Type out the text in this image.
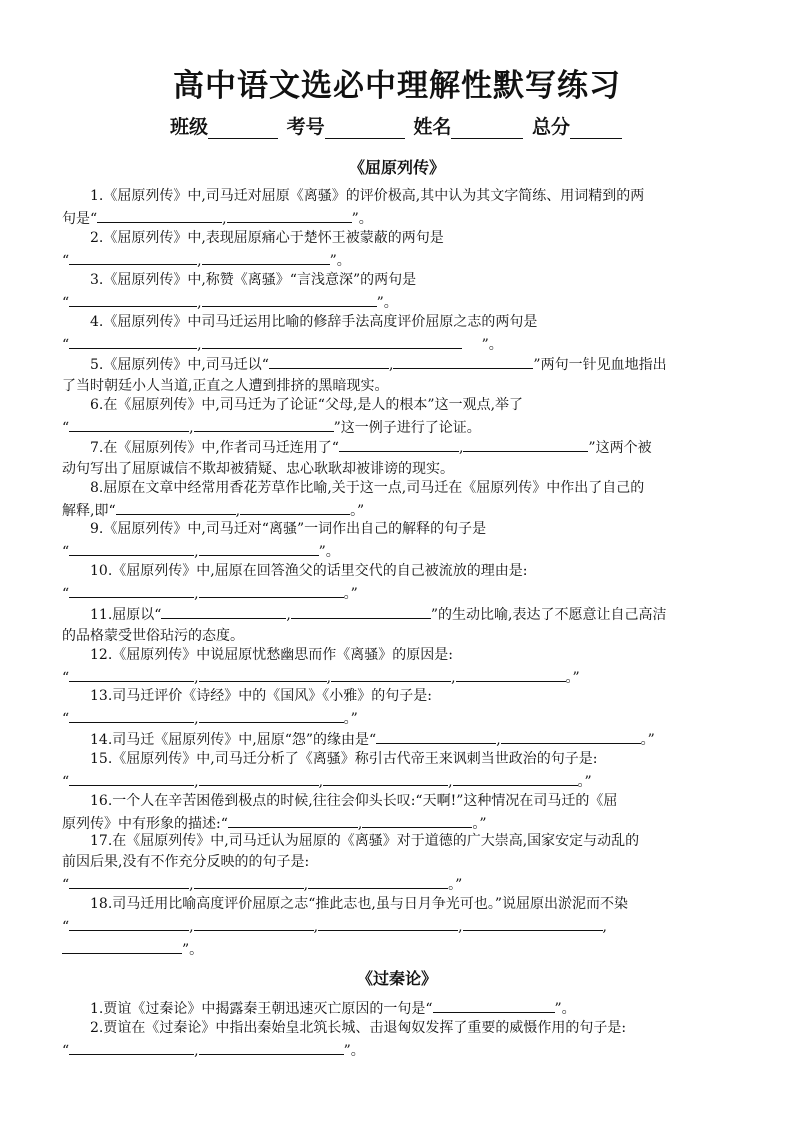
高中语文选必中理解性默写练习
班级	考号	姓名	总分
《屈原列传》

1.《屈原列传》中,司马迁对屈原《离骚》的评价极高,其中认为其文字简练、用词精到的两

句是“	,	”。

2.《屈原列传》中,表现屈原痛心于楚怀王被蒙蔽的两句是

“	,	”。

3.《屈原列传》中,称赞《离骚》“言浅意深”的两句是

“	,	”。

4.《屈原列传》中司马迁运用比喻的修辞手法高度评价屈原之志的两句是

“	,	”。

5.《屈原列传》中,司马迁以“	,	”两句一针见血地指出

了当时朝廷小人当道,正直之人遭到排挤的黑暗现实。

6.在《屈原列传》中,司马迁为了论证“父母,是人的根本”这一观点,举了

“	,	”这一例子进行了论证。

7.在《屈原列传》中,作者司马迁连用了“	,	”这两个被

动句写出了屈原诚信不欺却被猜疑、忠心耿耿却被诽谤的现实。

8.屈原在文章中经常用香花芳草作比喻,关于这一点,司马迁在《屈原列传》中作出了自己的

解释,即“	,	。”

9.《屈原列传》中,司马迁对“离骚”一词作出自己的解释的句子是

“	,	”。

10.《屈原列传》中,屈原在回答渔父的话里交代的自己被流放的理由是:

“	,	。”

11.屈原以“	,	”的生动比喻,表达了不愿意让自己高洁

的品格蒙受世俗玷污的态度。

12.《屈原列传》中说屈原忧愁幽思而作《离骚》的原因是:

“	,	,	,	。”

13.司马迁评价《诗经》中的《国风》《小雅》的句子是:

“	,	。”

14.司马迁《屈原列传》中,屈原“怨”的缘由是“	,	。”

15.《屈原列传》中,司马迁分析了《离骚》称引古代帝王来讽刺当世政治的句子是:

“	,	,	,	。”

16.一个人在辛苦困倦到极点的时候,往往会仰头长叹:“天啊!”这种情况在司马迁的《屈

原列传》中有形象的描述:“	,	。”

17.在《屈原列传》中,司马迁认为屈原的《离骚》对于道德的广大崇高,国家安定与动乱的

前因后果,没有不作充分反映的的句子是:

“	,	,	。”

18.司马迁用比喻高度评价屈原之志“推此志也,虽与日月争光可也。”说屈原出淤泥而不染

“	,	,	,	,

”。

《过秦论》

1.贾谊《过秦论》中揭露秦王朝迅速灭亡原因的一句是“	”。

2.贾谊在《过秦论》中指出秦始皇北筑长城、击退匈奴发挥了重要的威慑作用的句子是:

“	,	”。
